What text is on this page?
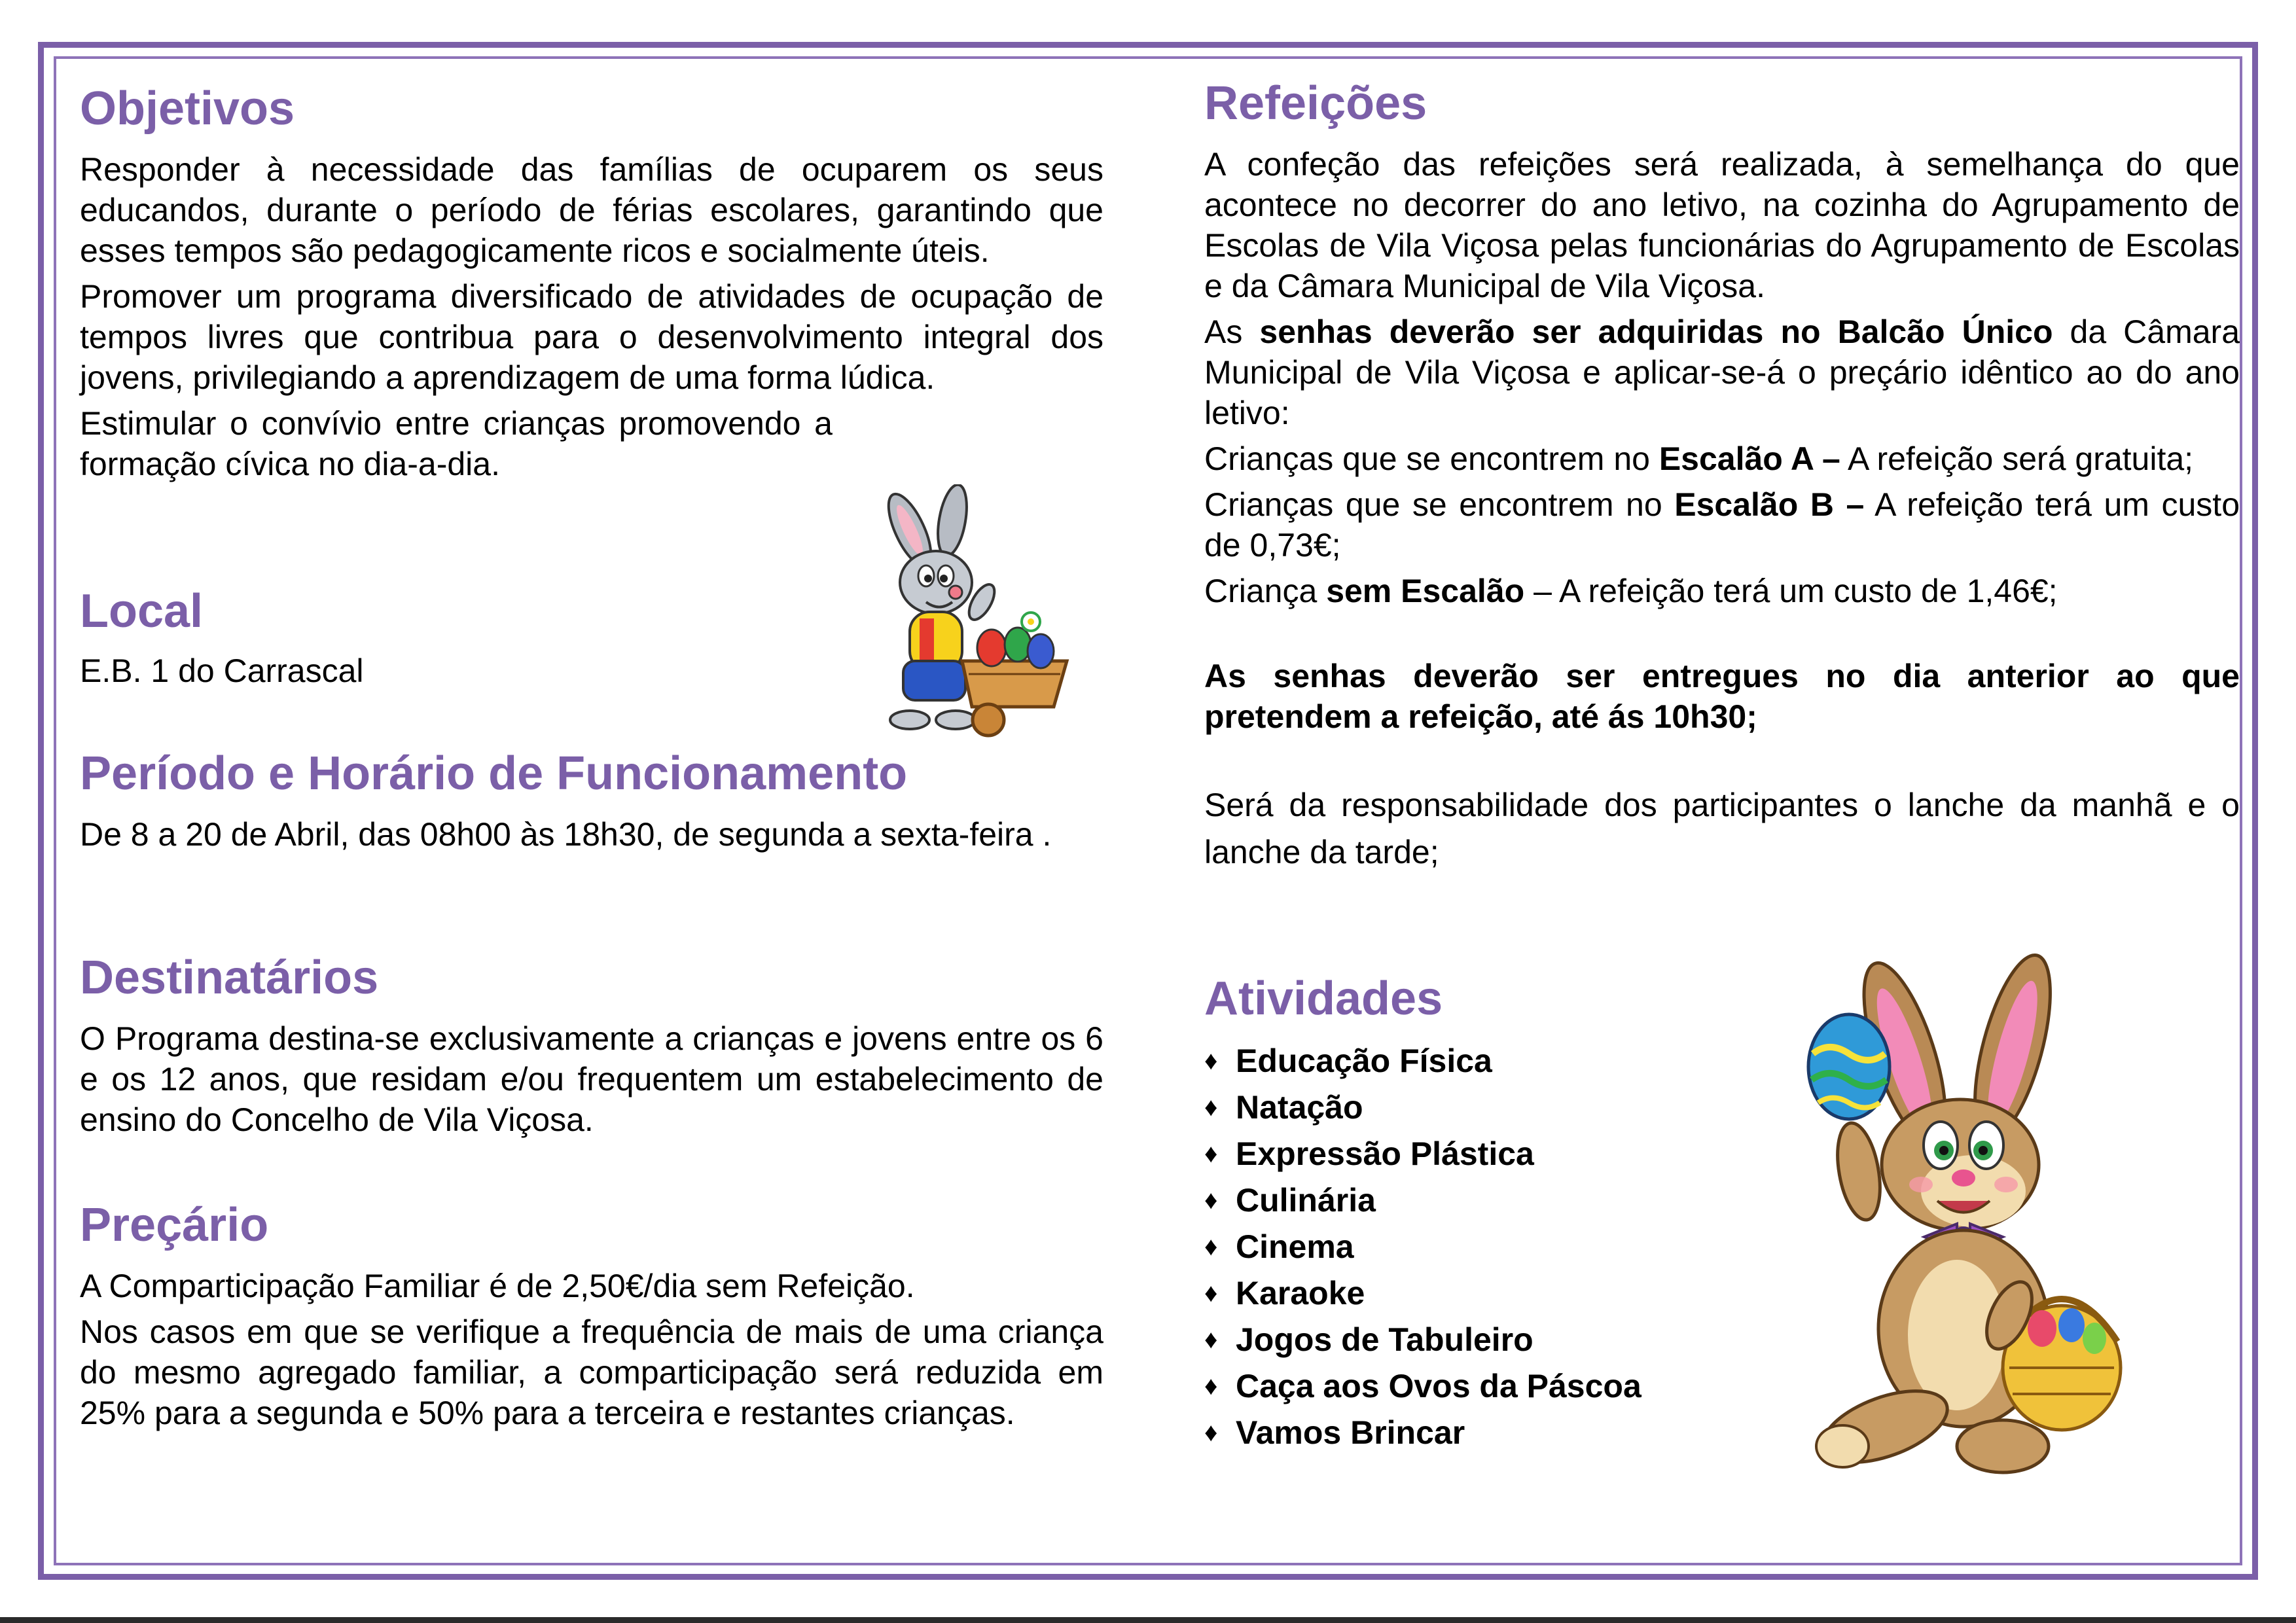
Objetivos

Responder à necessidade das famílias de ocuparem os seus educandos, durante o período de férias escolares, garantindo que esses tempos são pedagogicamente ricos e socialmente úteis.

Promover um programa diversificado de atividades de ocupação de tempos livres que contribua para o desenvolvimento integral dos jovens, privilegiando a aprendizagem de uma forma lúdica.

Estimular o convívio entre crianças promovendo a formação cívica no dia-a-dia.

Local

E.B. 1 do Carrascal

Período e Horário de Funcionamento

De 8 a 20 de Abril, das 08h00 às 18h30, de segunda a sexta-feira .

Destinatários

O Programa destina-se exclusivamente a crianças e jovens entre os 6 e os 12 anos, que residam e/ou frequentem um estabelecimento de ensino do Concelho de Vila Viçosa.

Preçário

A Comparticipação Familiar é de 2,50€/dia sem Refeição.

Nos casos em que se verifique a frequência de mais de uma criança do mesmo agregado familiar, a comparticipação será reduzida em 25% para a segunda e 50% para a terceira e restantes crianças.

Refeições

A confeção das refeições será realizada, à semelhança do que acontece no decorrer do ano letivo, na cozinha do Agrupamento de Escolas de Vila Viçosa pelas funcionárias do Agrupamento de Escolas e da Câmara Municipal de Vila Viçosa.

As senhas deverão ser adquiridas no Balcão Único da Câmara Municipal de Vila Viçosa e aplicar-se-á o preçário idêntico ao do ano letivo:

Crianças que se encontrem no Escalão A – A refeição será gratuita;

Crianças que se encontrem no Escalão B – A refeição terá um custo de 0,73€;

Criança sem Escalão – A refeição terá um custo de 1,46€;

As senhas deverão ser entregues no dia anterior ao que pretendem a refeição, até ás 10h30;

Será da responsabilidade dos participantes o lanche da manhã e o lanche da tarde;

Atividades
♦ Educação Física
♦ Natação
♦ Expressão Plástica
♦ Culinária
♦ Cinema
♦ Karaoke
♦ Jogos de Tabuleiro
♦ Caça aos Ovos da Páscoa
♦ Vamos Brincar
